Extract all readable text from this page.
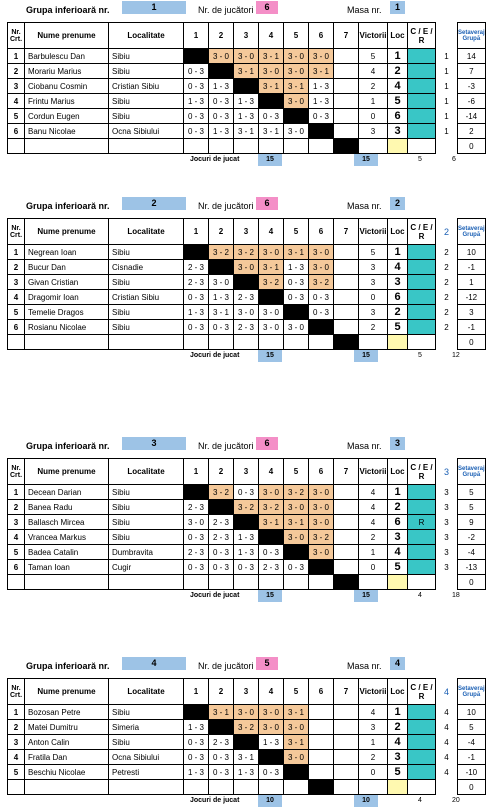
Grupa inferioară nr.	1	Nr. de jucători	6	Masa nr.	1
Nr. Crt.	Nume prenume	Localitate	1	2	3	4	5	6	7	Victorii	Loc	C / E / R		Setaveraj Grupă
1	Barbulescu Dan	Sibiu		3 - 0	3 - 0	3 - 1	3 - 0	3 - 0		5	1		1	14
2	Morariu Marius	Sibiu	0 - 3		3 - 1	3 - 0	3 - 0	3 - 1		4	2		1	7
3	Ciobanu Cosmin	Cristian Sibiu	0 - 3	1 - 3		3 - 1	3 - 1	1 - 3		2	4		1	-3
4	Frintu Marius	Sibiu	1 - 3	0 - 3	1 - 3		3 - 0	1 - 3		1	5		1	-6
5	Cordun Eugen	Sibiu	0 - 3	0 - 3	1 - 3	0 - 3		0 - 3		0	6		1	-14
6	Banu Nicolae	Ocna Sibiului	0 - 3	1 - 3	3 - 1	3 - 1	3 - 0			3	3		1	2
														0
Jocuri de jucat	15	15	5	6
Grupa inferioară nr.	2	Nr. de jucători	6	Masa nr.	2
Nr. Crt.	Nume prenume	Localitate	1	2	3	4	5	6	7	Victorii	Loc	C / E / R	2	Setaveraj Grupă
1	Negrean Ioan	Sibiu		3 - 2	3 - 2	3 - 0	3 - 1	3 - 0		5	1		2	10
2	Bucur Dan	Cisnadie	2 - 3		3 - 0	3 - 1	1 - 3	3 - 0		3	4		2	-1
3	Givan Cristian	Sibiu	2 - 3	3 - 0		3 - 2	0 - 3	3 - 2		3	3		2	1
4	Dragomir Ioan	Cristian Sibiu	0 - 3	1 - 3	2 - 3		0 - 3	0 - 3		0	6		2	-12
5	Temelie Dragos	Sibiu	1 - 3	3 - 1	3 - 0	3 - 0		0 - 3		3	2		2	3
6	Rosianu Nicolae	Sibiu	0 - 3	0 - 3	2 - 3	3 - 0	3 - 0			2	5		2	-1
														0
Jocuri de jucat	15	15	5	12
Grupa inferioară nr.	3	Nr. de jucători	6	Masa nr.	3
Nr. Crt.	Nume prenume	Localitate	1	2	3	4	5	6	7	Victorii	Loc	C / E / R	3	Setaveraj Grupă
1	Decean Darian	Sibiu		3 - 2	0 - 3	3 - 0	3 - 2	3 - 0		4	1		3	5
2	Banea Radu	Sibiu	2 - 3		3 - 2	3 - 2	3 - 0	3 - 0		4	2		3	5
3	Ballasch Mircea	Sibiu	3 - 0	2 - 3		3 - 1	3 - 1	3 - 0		4	6	R	3	9
4	Vrancea Markus	Sibiu	0 - 3	2 - 3	1 - 3		3 - 0	3 - 2		2	3		3	-2
5	Badea Catalin	Dumbravita	2 - 3	0 - 3	1 - 3	0 - 3		3 - 0		1	4		3	-4
6	Taman Ioan	Cugir	0 - 3	0 - 3	0 - 3	2 - 3	0 - 3			0	5		3	-13
														0
Jocuri de jucat	15	15	4	18
Grupa inferioară nr.	4	Nr. de jucători	5	Masa nr.	4
Nr. Crt.	Nume prenume	Localitate	1	2	3	4	5	6	7	Victorii	Loc	C / E / R	4	Setaveraj Grupă
1	Bozosan Petre	Sibiu		3 - 1	3 - 0	3 - 0	3 - 1			4	1		4	10
2	Matei Dumitru	Simeria	1 - 3		3 - 2	3 - 0	3 - 0			3	2		4	5
3	Anton Calin	Sibiu	0 - 3	2 - 3		1 - 3	3 - 1			1	4		4	-4
4	Fratila Dan	Ocna Sibiului	0 - 3	0 - 3	3 - 1		3 - 0			2	3		4	-1
5	Beschiu Nicolae	Petresti	1 - 3	0 - 3	1 - 3	0 - 3				0	5		4	-10
														0
Jocuri de jucat	10	10	4	20
